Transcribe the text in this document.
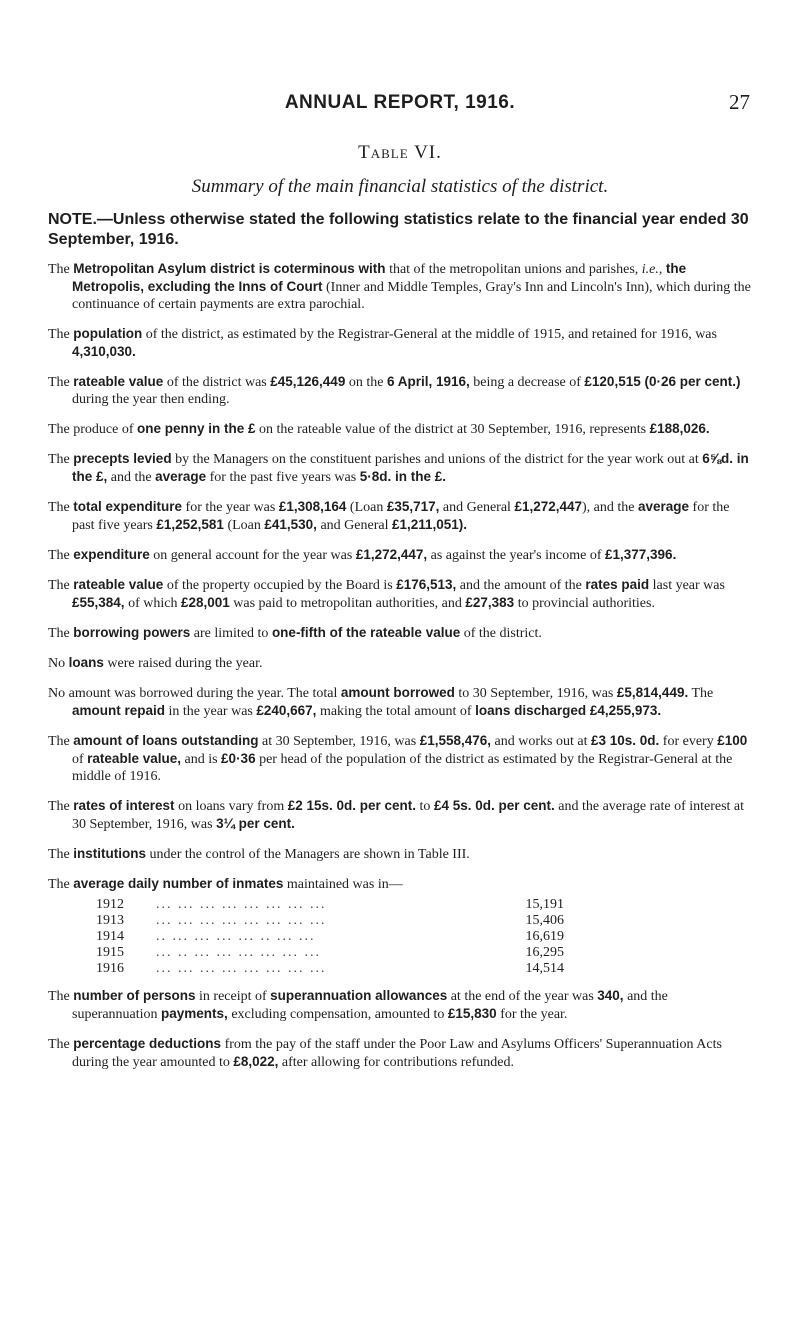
ANNUAL REPORT, 1916.	27
Table VI.
Summary of the main financial statistics of the district.

NOTE.—Unless otherwise stated the following statistics relate to the financial year ended 30 September, 1916.

The Metropolitan Asylum district is coterminous with that of the metropolitan unions and parishes, i.e., the Metropolis, excluding the Inns of Court (Inner and Middle Temples, Gray's Inn and Lincoln's Inn), which during the continuance of certain payments are extra parochial.

The population of the district, as estimated by the Registrar-General at the middle of 1915, and retained for 1916, was 4,310,030.

The rateable value of the district was £45,126,449 on the 6 April, 1916, being a decrease of £120,515 (0·26 per cent.) during the year then ending.

The produce of one penny in the £ on the rateable value of the district at 30 September, 1916, represents £188,026.

The precepts levied by the Managers on the constituent parishes and unions of the district for the year work out at 6⅝d. in the £, and the average for the past five years was 5·8d. in the £.

The total expenditure for the year was £1,308,164 (Loan £35,717, and General £1,272,447), and the average for the past five years £1,252,581 (Loan £41,530, and General £1,211,051).

The expenditure on general account for the year was £1,272,447, as against the year's income of £1,377,396.

The rateable value of the property occupied by the Board is £176,513, and the amount of the rates paid last year was £55,384, of which £28,001 was paid to metropolitan authorities, and £27,383 to provincial authorities.

The borrowing powers are limited to one-fifth of the rateable value of the district.

No loans were raised during the year.

No amount was borrowed during the year. The total amount borrowed to 30 September, 1916, was £5,814,449. The amount repaid in the year was £240,667, making the total amount of loans discharged £4,255,973.

The amount of loans outstanding at 30 September, 1916, was £1,558,476, and works out at £3 10s. 0d. for every £100 of rateable value, and is £0·36 per head of the population of the district as estimated by the Registrar-General at the middle of 1916.

The rates of interest on loans vary from £2 15s. 0d. per cent. to £4 5s. 0d. per cent. and the average rate of interest at 30 September, 1916, was 3¼ per cent.

The institutions under the control of the Managers are shown in Table III.

The average daily number of inmates maintained was in—

1912	... ... ... ... ... ... ... ...	15,191
1913	... ... ... ... ... ... ... ...	15,406
1914	.. ... ... ... ... .. ... ...	16,619
1915	... .. ... ... ... ... ... ...	16,295
1916	... ... ... ... ... ... ... ...	14,514

The number of persons in receipt of superannuation allowances at the end of the year was 340, and the superannuation payments, excluding compensation, amounted to £15,830 for the year.

The percentage deductions from the pay of the staff under the Poor Law and Asylums Officers' Superannuation Acts during the year amounted to £8,022, after allowing for contributions refunded.
